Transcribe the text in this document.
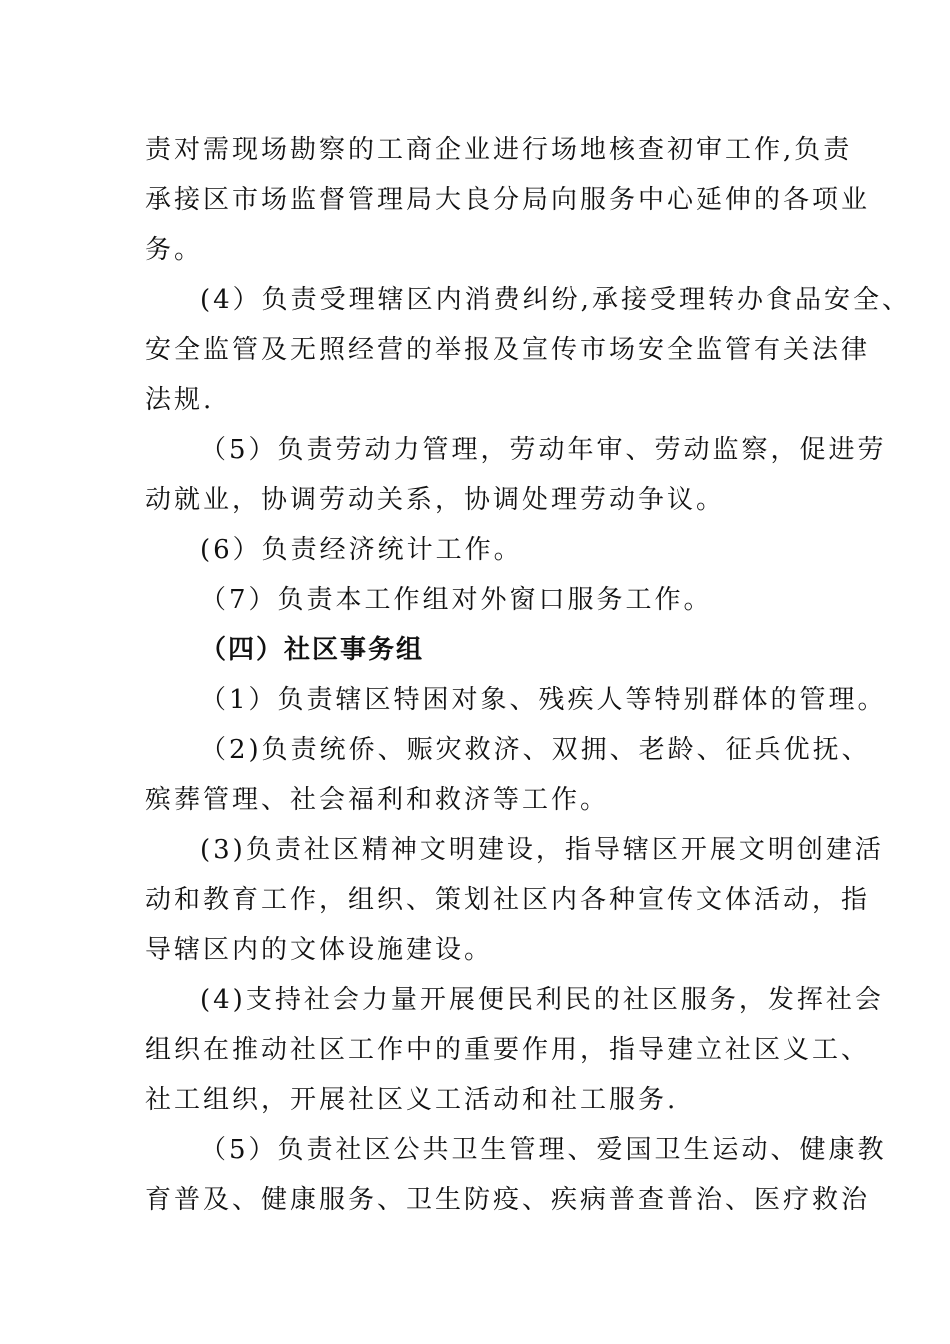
责对需现场勘察的工商企业进行场地核查初审工作,负责
承接区市场监督管理局大良分局向服务中心延伸的各项业
务。
(4）负责受理辖区内消费纠纷,承接受理转办食品安全、
安全监管及无照经营的举报及宣传市场安全监管有关法律
法规.
（5）负责劳动力管理，劳动年审、劳动监察，促进劳
动就业，协调劳动关系，协调处理劳动争议。
(6）负责经济统计工作。
（7）负责本工作组对外窗口服务工作。
（四）社区事务组
（1）负责辖区特困对象、残疾人等特别群体的管理。
（2)负责统侨、赈灾救济、双拥、老龄、征兵优抚、
殡葬管理、社会福利和救济等工作。
(3)负责社区精神文明建设，指导辖区开展文明创建活
动和教育工作，组织、策划社区内各种宣传文体活动，指
导辖区内的文体设施建设。
(4)支持社会力量开展便民利民的社区服务，发挥社会
组织在推动社区工作中的重要作用，指导建立社区义工、
社工组织，开展社区义工活动和社工服务.
（5）负责社区公共卫生管理、爱国卫生运动、健康教
育普及、健康服务、卫生防疫、疾病普查普治、医疗救治
